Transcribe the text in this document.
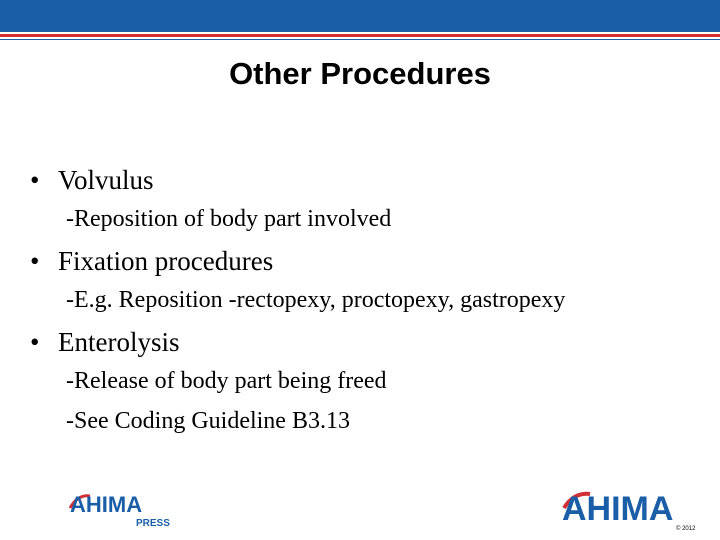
Other Procedures

• Volvulus

-Reposition of body part involved

• Fixation procedures

-E.g. Reposition -rectopexy, proctopexy, gastropexy

• Enterolysis

-Release of body part being freed

-See Coding Guideline B3.13

AHIMA
PRESS	AHIMA
© 2012
